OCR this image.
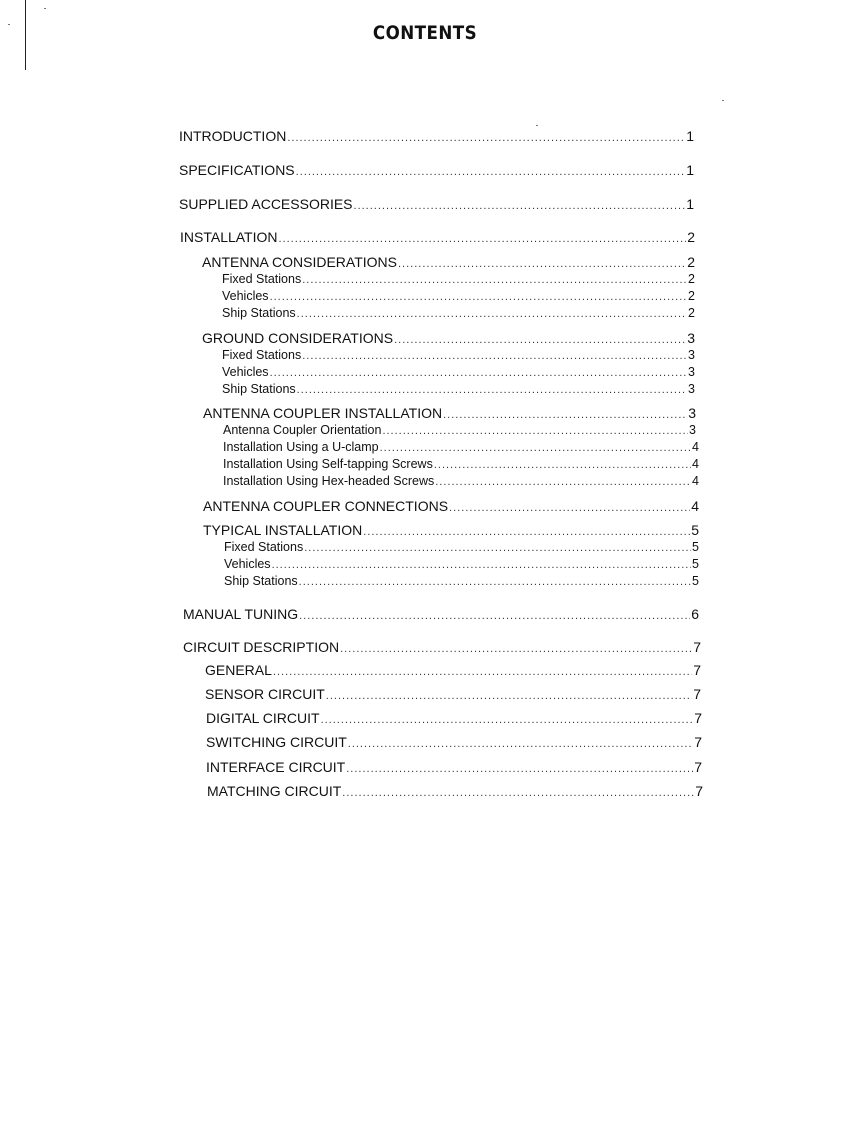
CONTENTS
INTRODUCTION .....	1
SPECIFICATIONS .....	1
SUPPLIED ACCESSORIES .....	1
INSTALLATION .....	2
ANTENNA CONSIDERATIONS .....	2
Fixed Stations .....	2
Vehicles .....	2
Ship Stations .....	2
GROUND CONSIDERATIONS .....	3
Fixed Stations .....	3
Vehicles .....	3
Ship Stations .....	3
ANTENNA COUPLER INSTALLATION .....	3
Antenna Coupler Orientation .....	3
Installation Using a U-clamp .....	4
Installation Using Self-tapping Screws .....	4
Installation Using Hex-headed Screws .....	4
ANTENNA COUPLER CONNECTIONS .....	4
TYPICAL INSTALLATION .....	5
Fixed Stations .....	5
Vehicles .....	5
Ship Stations .....	5
MANUAL TUNING .....	6
CIRCUIT DESCRIPTION .....	7
GENERAL .....	7
SENSOR CIRCUIT .....	7
DIGITAL CIRCUIT .....	7
SWITCHING CIRCUIT .....	7
INTERFACE CIRCUIT .....	7
MATCHING CIRCUIT .....	7
